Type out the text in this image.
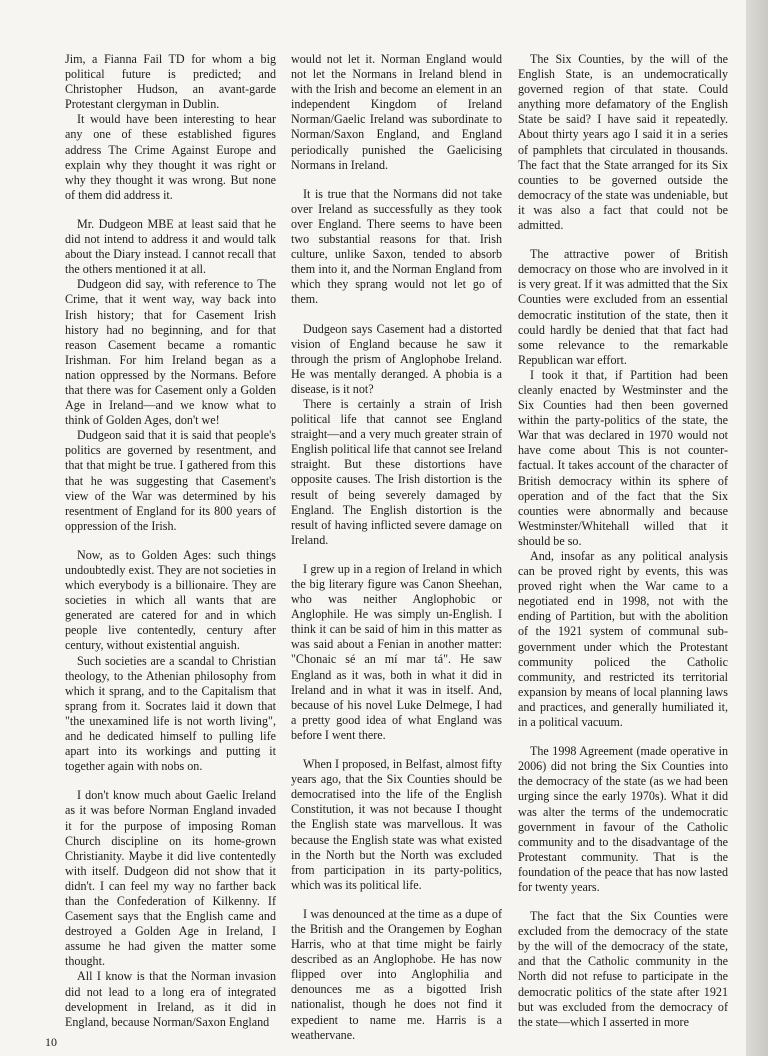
Jim, a Fianna Fail TD for whom a big political future is predicted; and Christopher Hudson, an avant-garde Protestant clergyman in Dublin.

It would have been interesting to hear any one of these established figures address The Crime Against Europe and explain why they thought it was right or why they thought it was wrong. But none of them did address it.

Mr. Dudgeon MBE at least said that he did not intend to address it and would talk about the Diary instead. I cannot recall that the others mentioned it at all.

Dudgeon did say, with reference to The Crime, that it went way, way back into Irish history; that for Casement Irish history had no beginning, and for that reason Casement became a romantic Irishman. For him Ireland began as a nation oppressed by the Normans. Before that there was for Casement only a Golden Age in Ireland—and we know what to think of Golden Ages, don't we!

Dudgeon said that it is said that people's politics are governed by resentment, and that that might be true. I gathered from this that he was suggesting that Casement's view of the War was determined by his resentment of England for its 800 years of oppression of the Irish.

Now, as to Golden Ages: such things undoubtedly exist. They are not societies in which everybody is a billionaire. They are societies in which all wants that are generated are catered for and in which people live contentedly, century after century, without existential anguish.

Such societies are a scandal to Christian theology, to the Athenian philosophy from which it sprang, and to the Capitalism that sprang from it. Socrates laid it down that "the unexamined life is not worth living", and he dedicated himself to pulling life apart into its workings and putting it together again with nobs on.

I don't know much about Gaelic Ireland as it was before Norman England invaded it for the purpose of imposing Roman Church discipline on its home-grown Christianity. Maybe it did live contentedly with itself. Dudgeon did not show that it didn't. I can feel my way no farther back than the Confederation of Kilkenny. If Casement says that the English came and destroyed a Golden Age in Ireland, I assume he had given the matter some thought.

All I know is that the Norman invasion did not lead to a long era of integrated development in Ireland, as it did in England, because Norman/Saxon England

would not let it. Norman England would not let the Normans in Ireland blend in with the Irish and become an element in an independent Kingdom of Ireland Norman/Gaelic Ireland was subordinate to Norman/Saxon England, and England periodically punished the Gaelicising Normans in Ireland.

It is true that the Normans did not take over Ireland as successfully as they took over England. There seems to have been two substantial reasons for that. Irish culture, unlike Saxon, tended to absorb them into it, and the Norman England from which they sprang would not let go of them.

Dudgeon says Casement had a distorted vision of England because he saw it through the prism of Anglophobe Ireland. He was mentally deranged. A phobia is a disease, is it not?

There is certainly a strain of Irish political life that cannot see England straight—and a very much greater strain of English political life that cannot see Ireland straight. But these distortions have opposite causes. The Irish distortion is the result of being severely damaged by England. The English distortion is the result of having inflicted severe damage on Ireland.

I grew up in a region of Ireland in which the big literary figure was Canon Sheehan, who was neither Anglophobic or Anglophile. He was simply un-English. I think it can be said of him in this matter as was said about a Fenian in another matter: "Chonaic sé an mí mar tá". He saw England as it was, both in what it did in Ireland and in what it was in itself. And, because of his novel Luke Delmege, I had a pretty good idea of what England was before I went there.

When I proposed, in Belfast, almost fifty years ago, that the Six Counties should be democratised into the life of the English Constitution, it was not because I thought the English state was marvellous. It was because the English state was what existed in the North but the North was excluded from participation in its party-politics, which was its political life.

I was denounced at the time as a dupe of the British and the Orangemen by Eoghan Harris, who at that time might be fairly described as an Anglophobe. He has now flipped over into Anglophilia and denounces me as a bigotted Irish nationalist, though he does not find it expedient to name me. Harris is a weathervane.

The Six Counties, by the will of the English State, is an undemocratically governed region of that state. Could anything more defamatory of the English State be said? I have said it repeatedly. About thirty years ago I said it in a series of pamphlets that circulated in thousands. The fact that the State arranged for its Six counties to be governed outside the democracy of the state was undeniable, but it was also a fact that could not be admitted.

The attractive power of British democracy on those who are involved in it is very great. If it was admitted that the Six Counties were excluded from an essential democratic institution of the state, then it could hardly be denied that that fact had some relevance to the remarkable Republican war effort.

I took it that, if Partition had been cleanly enacted by Westminster and the Six Counties had then been governed within the party-politics of the state, the War that was declared in 1970 would not have come about This is not counter-factual. It takes account of the character of British democracy within its sphere of operation and of the fact that the Six counties were abnormally and because Westminster/Whitehall willed that it should be so.

And, insofar as any political analysis can be proved right by events, this was proved right when the War came to a negotiated end in 1998, not with the ending of Partition, but with the abolition of the 1921 system of communal sub-government under which the Protestant community policed the Catholic community, and restricted its territorial expansion by means of local planning laws and practices, and generally humiliated it, in a political vacuum.

The 1998 Agreement (made operative in 2006) did not bring the Six Counties into the democracy of the state (as we had been urging since the early 1970s). What it did was alter the terms of the undemocratic government in favour of the Catholic community and to the disadvantage of the Protestant community. That is the foundation of the peace that has now lasted for twenty years.

The fact that the Six Counties were excluded from the democracy of the state by the will of the democracy of the state, and that the Catholic community in the North did not refuse to participate in the democratic politics of the state after 1921 but was excluded from the democracy of the state—which I asserted in more

10
